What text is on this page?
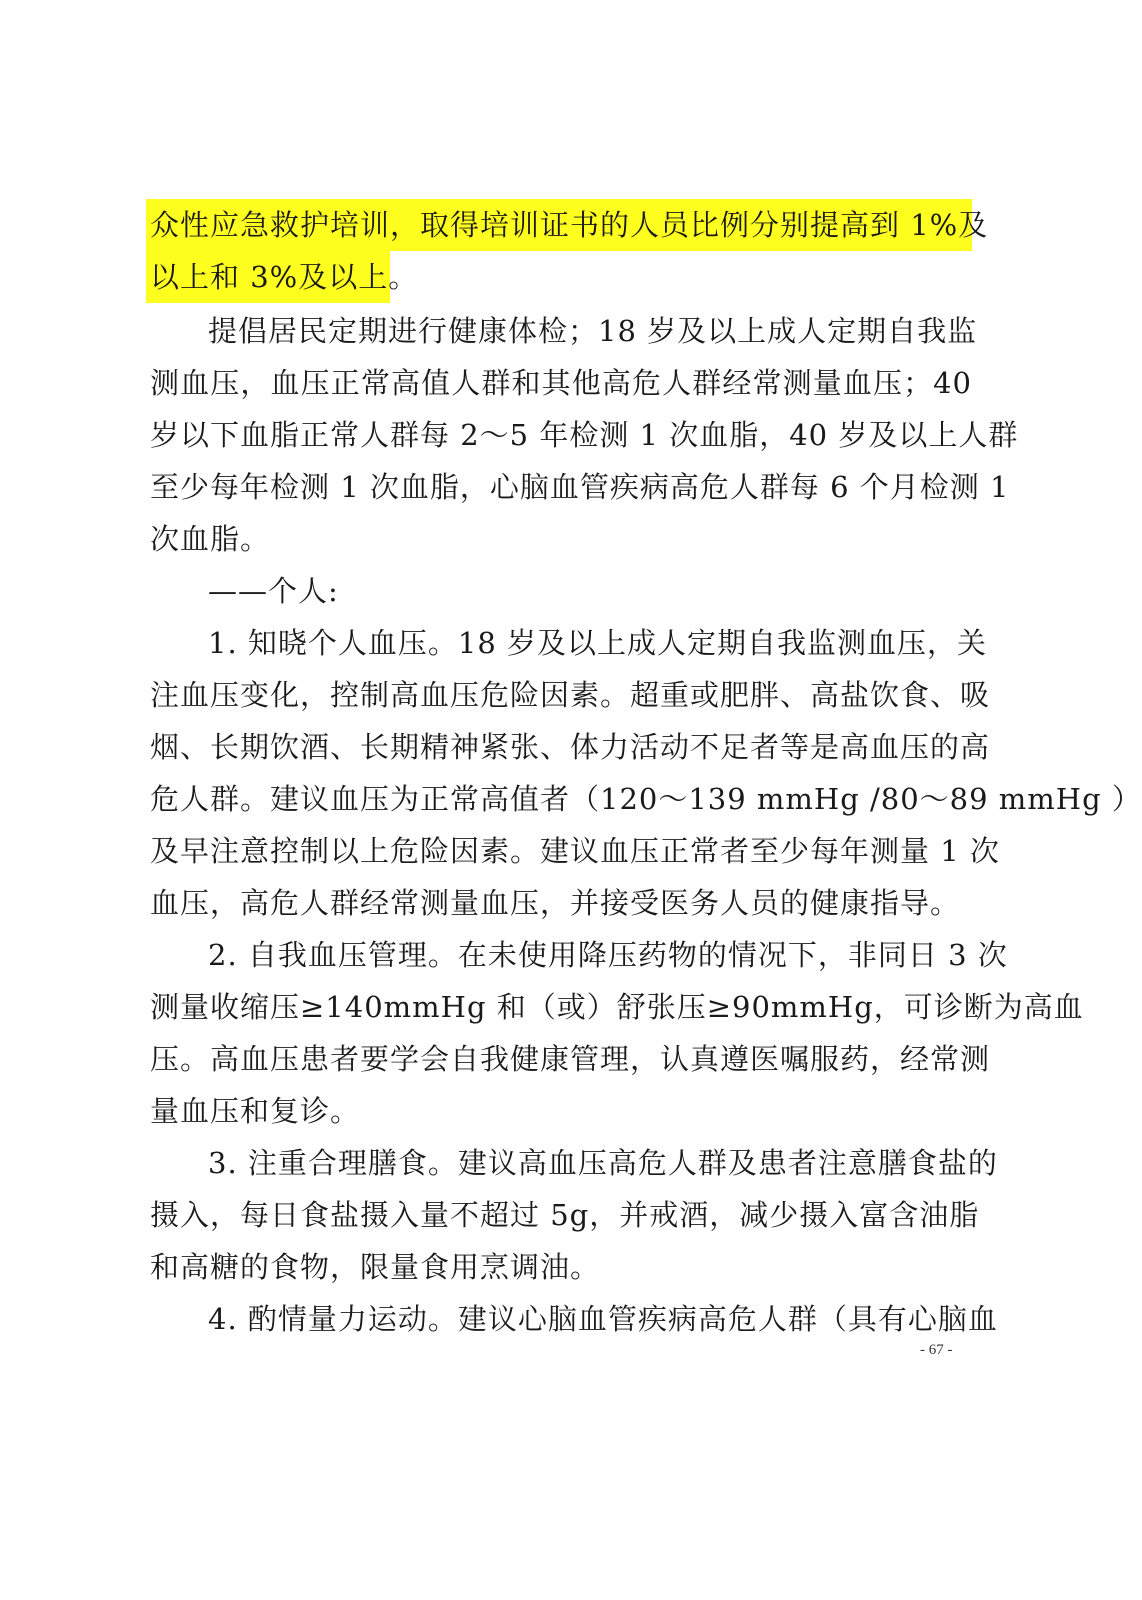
众性应急救护培训，取得培训证书的人员比例分别提高到 1%及
以上和 3%及以上。
提倡居民定期进行健康体检；18 岁及以上成人定期自我监
测血压，血压正常高值人群和其他高危人群经常测量血压；40
岁以下血脂正常人群每 2～5 年检测 1 次血脂，40 岁及以上人群
至少每年检测 1 次血脂，心脑血管疾病高危人群每 6 个月检测 1
次血脂。
——个人:
1. 知晓个人血压。18 岁及以上成人定期自我监测血压，关
注血压变化，控制高血压危险因素。超重或肥胖、高盐饮食、吸
烟、长期饮酒、长期精神紧张、体力活动不足者等是高血压的高
危人群。建议血压为正常高值者（120～139 mmHg /80～89 mmHg ）
及早注意控制以上危险因素。建议血压正常者至少每年测量 1 次
血压，高危人群经常测量血压，并接受医务人员的健康指导。
2. 自我血压管理。在未使用降压药物的情况下，非同日 3 次
测量收缩压≥140mmHg 和（或）舒张压≥90mmHg，可诊断为高血
压。高血压患者要学会自我健康管理，认真遵医嘱服药，经常测
量血压和复诊。
3. 注重合理膳食。建议高血压高危人群及患者注意膳食盐的
摄入，每日食盐摄入量不超过 5g，并戒酒，减少摄入富含油脂
和高糖的食物，限量食用烹调油。
4. 酌情量力运动。建议心脑血管疾病高危人群（具有心脑血
- 67 -
